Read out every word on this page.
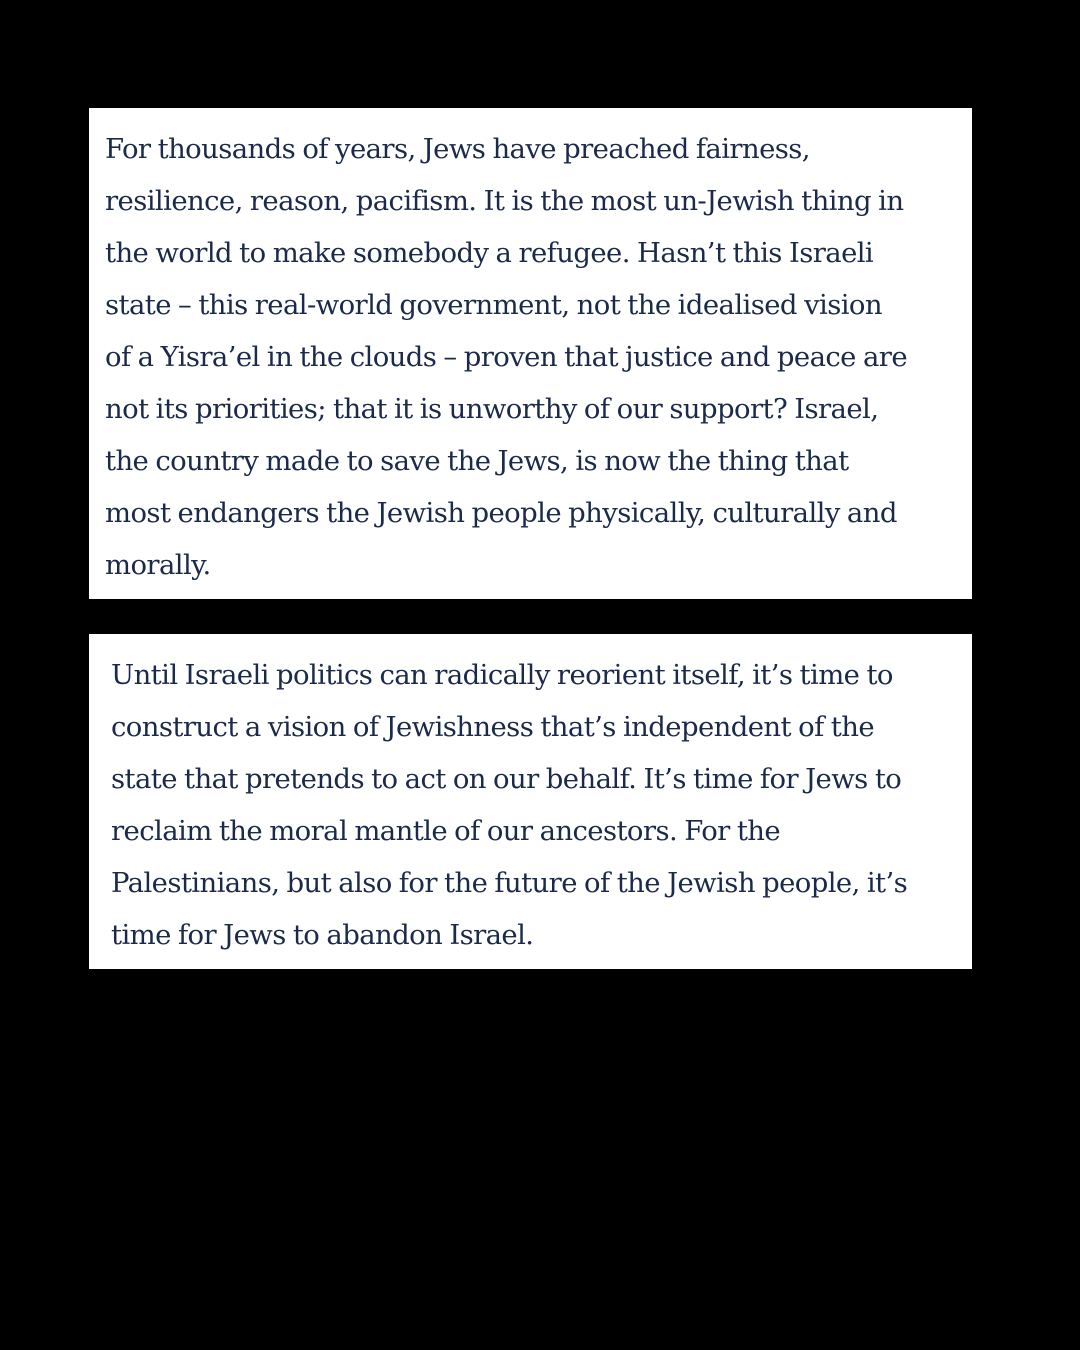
For thousands of years, Jews have preached fairness,
resilience, reason, pacifism. It is the most un-Jewish thing in
the world to make somebody a refugee. Hasn’t this Israeli
state – this real-world government, not the idealised vision
of a Yisra’el in the clouds – proven that justice and peace are
not its priorities; that it is unworthy of our support? Israel,
the country made to save the Jews, is now the thing that
most endangers the Jewish people physically, culturally and
morally.

Until Israeli politics can radically reorient itself, it’s time to
construct a vision of Jewishness that’s independent of the
state that pretends to act on our behalf. It’s time for Jews to
reclaim the moral mantle of our ancestors. For the
Palestinians, but also for the future of the Jewish people, it’s
time for Jews to abandon Israel.
